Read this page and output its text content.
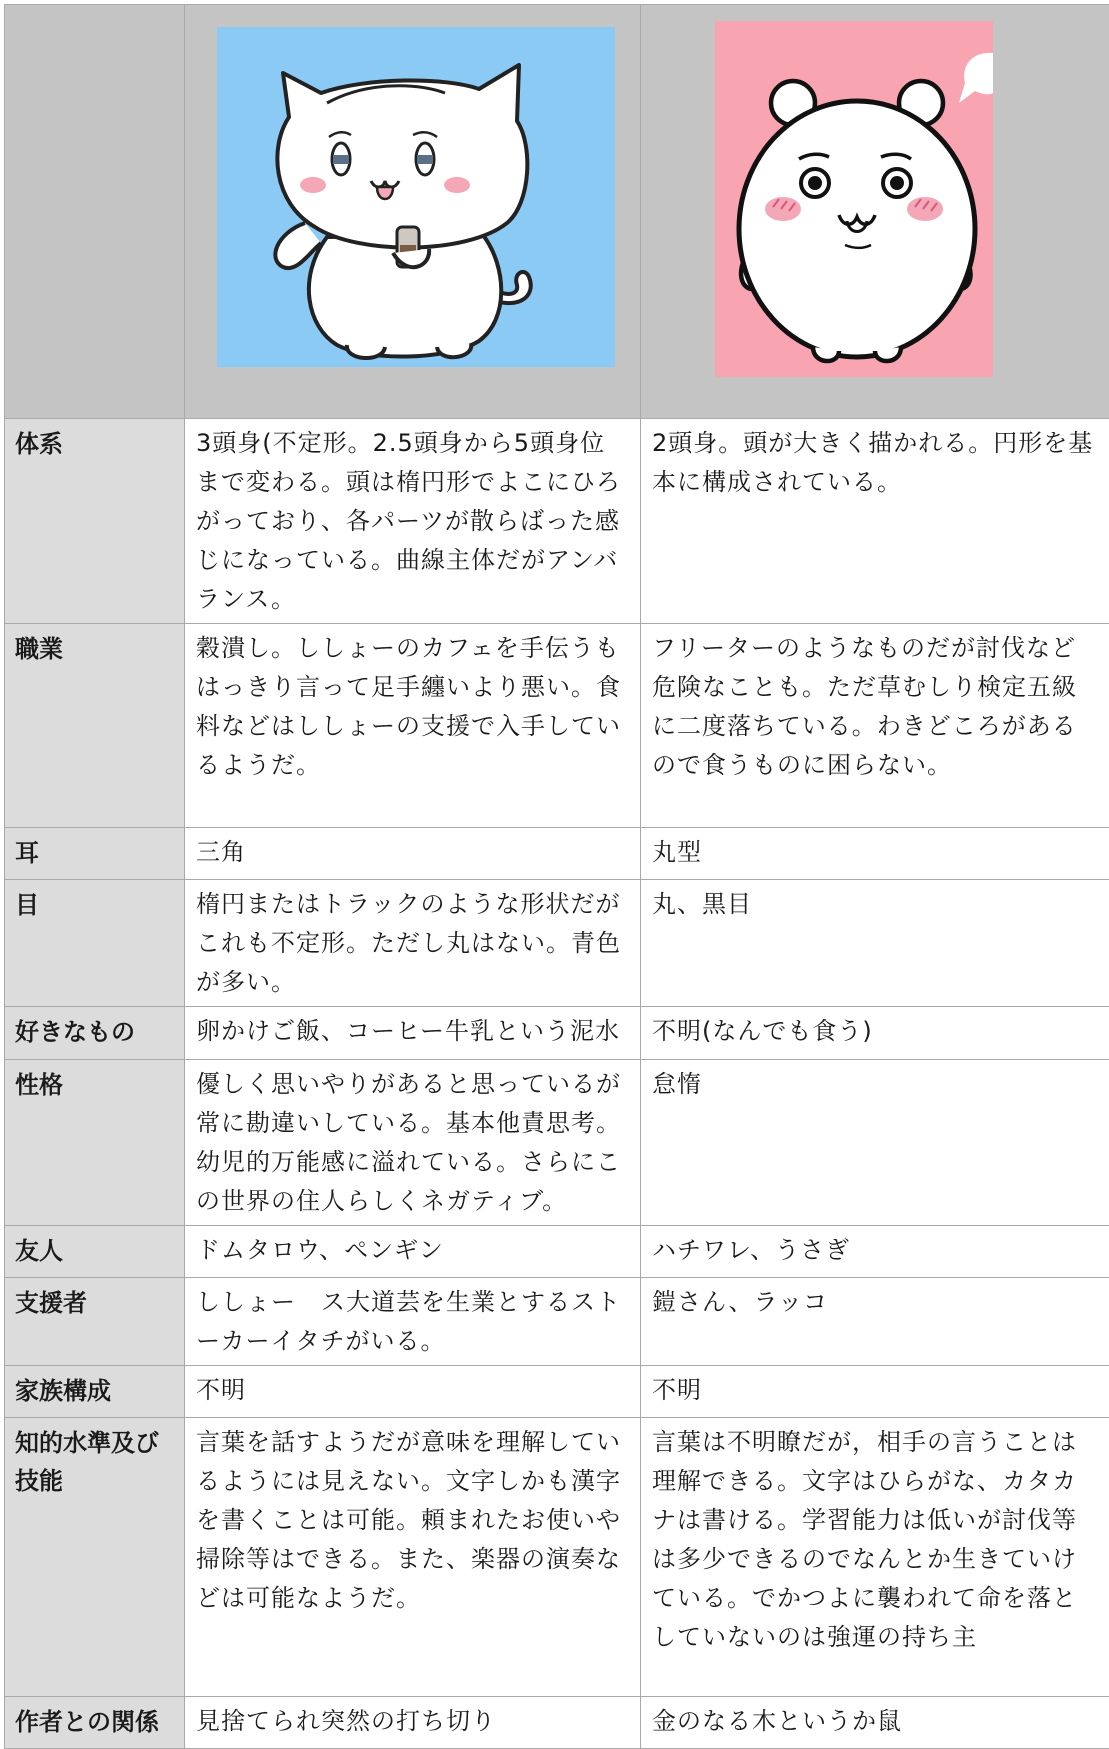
体系	3頭身(不定形。2.5頭身から5頭身位まで変わる。頭は楕円形でよこにひろがっており、各パーツが散らばった感じになっている。曲線主体だがアンバランス。	2頭身。頭が大きく描かれる。円形を基本に構成されている。
職業	穀潰し。ししょーのカフェを手伝うもはっきり言って足手纏いより悪い。食料などはししょーの支援で入手しているようだ。	フリーターのようなものだが討伐など危険なことも。ただ草むしり検定五級に二度落ちている。わきどころがあるので食うものに困らない。
耳	三角	丸型
目	楕円またはトラックのような形状だがこれも不定形。ただし丸はない。青色が多い。	丸、黒目
好きなもの	卵かけご飯、コーヒー牛乳という泥水	不明(なんでも食う)
性格	優しく思いやりがあると思っているが常に勘違いしている。基本他責思考。幼児的万能感に溢れている。さらにこの世界の住人らしくネガティブ。	怠惰
友人	ドムタロウ、ペンギン	ハチワレ、うさぎ
支援者	ししょー　ス大道芸を生業とするストーカーイタチがいる。	鎧さん、ラッコ
家族構成	不明	不明
知的水準及び技能	言葉を話すようだが意味を理解しているようには見えない。文字しかも漢字を書くことは可能。頼まれたお使いや掃除等はできる。また、楽器の演奏などは可能なようだ。	言葉は不明瞭だが，相手の言うことは理解できる。文字はひらがな、カタカナは書ける。学習能力は低いが討伐等は多少できるのでなんとか生きていけている。でかつよに襲われて命を落としていないのは強運の持ち主
作者との関係	見捨てられ突然の打ち切り	金のなる木というか鼠
